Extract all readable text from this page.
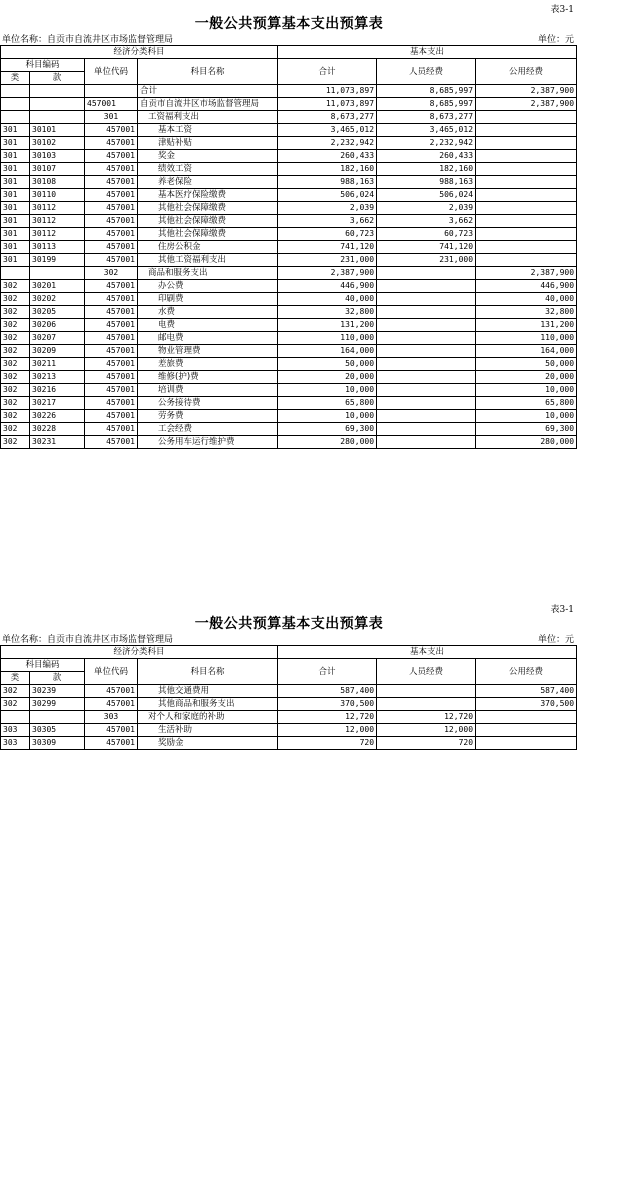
表3-1
一般公共预算基本支出预算表
单位名称：自贡市自流井区市场监督管理局	单位：元
经济分类科目				基本支出		
科目编码		单位代码	科目名称	合计	人员经费	公用经费
类	款					
			合计	11,073,897	8,685,997	2,387,900
		457001	自贡市自流井区市场监督管理局	11,073,897	8,685,997	2,387,900
		301	工资福利支出	8,673,277	8,673,277	
301	30101	457001	基本工资	3,465,012	3,465,012	
301	30102	457001	津贴补贴	2,232,942	2,232,942	
301	30103	457001	奖金	260,433	260,433	
301	30107	457001	绩效工资	182,160	182,160	
301	30108	457001	养老保险	988,163	988,163	
301	30110	457001	基本医疗保险缴费	506,024	506,024	
301	30112	457001	其他社会保障缴费	2,039	2,039	
301	30112	457001	其他社会保障缴费	3,662	3,662	
301	30112	457001	其他社会保障缴费	60,723	60,723	
301	30113	457001	住房公积金	741,120	741,120	
301	30199	457001	其他工资福利支出	231,000	231,000	
		302	商品和服务支出	2,387,900		2,387,900
302	30201	457001	办公费	446,900		446,900
302	30202	457001	印刷费	40,000		40,000
302	30205	457001	水费	32,800		32,800
302	30206	457001	电费	131,200		131,200
302	30207	457001	邮电费	110,000		110,000
302	30209	457001	物业管理费	164,000		164,000
302	30211	457001	差旅费	50,000		50,000
302	30213	457001	维修(护)费	20,000		20,000
302	30216	457001	培训费	10,000		10,000
302	30217	457001	公务接待费	65,800		65,800
302	30226	457001	劳务费	10,000		10,000
302	30228	457001	工会经费	69,300		69,300
302	30231	457001	公务用车运行维护费	280,000		280,000
表3-1
一般公共预算基本支出预算表
单位名称：自贡市自流井区市场监督管理局	单位：元
经济分类科目				基本支出		
科目编码		单位代码	科目名称	合计	人员经费	公用经费
类	款					
302	30239	457001	其他交通费用	587,400		587,400
302	30299	457001	其他商品和服务支出	370,500		370,500
		303	对个人和家庭的补助	12,720	12,720	
303	30305	457001	生活补助	12,000	12,000	
303	30309	457001	奖励金	720	720	
